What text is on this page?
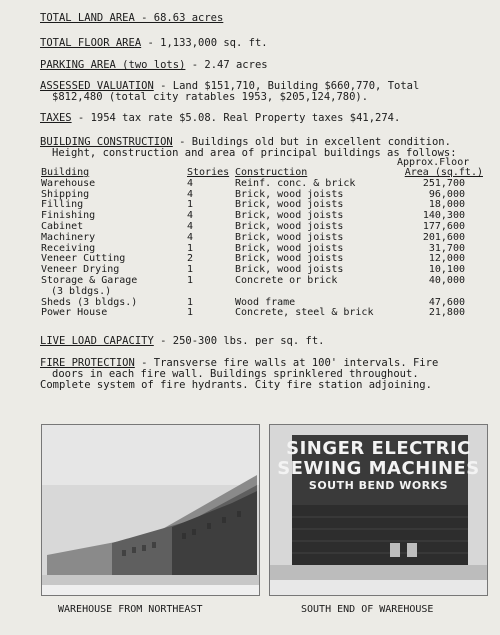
TOTAL LAND AREA - 68.63 acres
TOTAL FLOOR AREA - 1,133,000 sq. ft.
PARKING AREA (two lots) - 2.47 acres
ASSESSED VALUATION - Land $151,710, Building $660,770, Total
$812,480 (total city ratables 1953, $205,124,780).
TAXES - 1954 tax rate $5.08. Real Property taxes $41,274.
BUILDING CONSTRUCTION - Buildings old but in excellent condition.
Height, construction and area of principal buildings as follows:
Approx.Floor
Building	Stories Construction	Area (sq.ft.)
Warehouse	4	Reinf. conc. & brick	251,700
Shipping	4	Brick, wood joists	96,000
Filling	1	Brick, wood joists	18,000
Finishing	4	Brick, wood joists	140,300
Cabinet	4	Brick, wood joists	177,600
Machinery	4	Brick, wood joists	201,600
Receiving	1	Brick, wood joists	31,700
Veneer Cutting	2	Brick, wood joists	12,000
Veneer Drying	1	Brick, wood joists	10,100
Storage & Garage	1	Concrete or brick	40,000
(3 bldgs.)
Sheds (3 bldgs.)	1	Wood frame	47,600
Power House	1	Concrete, steel & brick	21,800
LIVE LOAD CAPACITY - 250-300 lbs. per sq. ft.
FIRE PROTECTION - Transverse fire walls at 100' intervals. Fire
doors in each fire wall. Buildings sprinklered throughout.
Complete system of fire hydrants. City fire station adjoining.
SINGER ELECTRIC
SEWING MACHINES
SOUTH BEND WORKS
WAREHOUSE FROM NORTHEAST	SOUTH END OF WAREHOUSE
